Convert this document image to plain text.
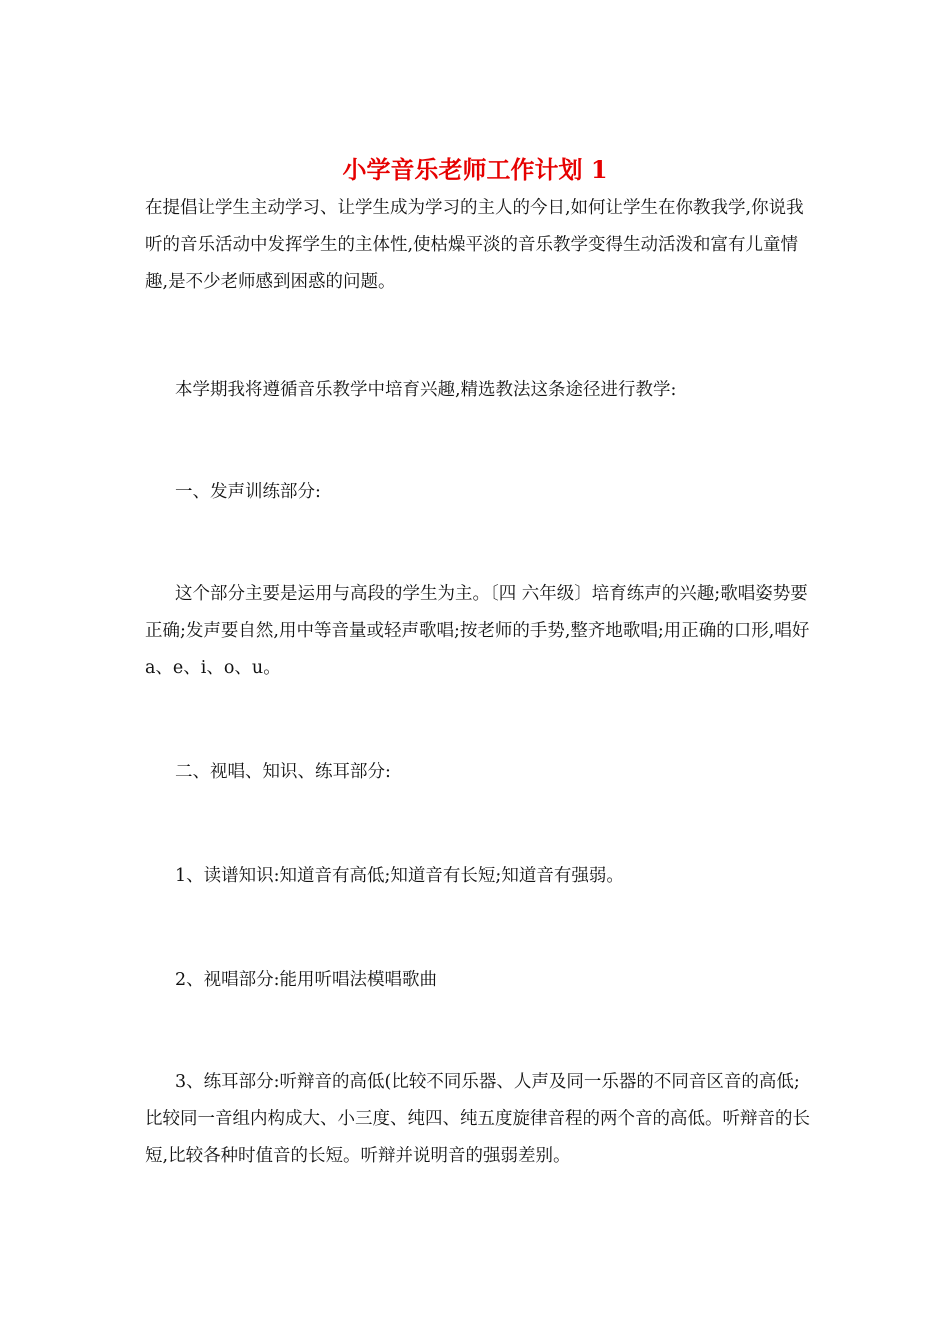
小学音乐老师工作计划 1

在提倡让学生主动学习、让学生成为学习的主人的今日,如何让学生在你教我学,你说我听的音乐活动中发挥学生的主体性,使枯燥平淡的音乐教学变得生动活泼和富有儿童情趣,是不少老师感到困惑的问题。

本学期我将遵循音乐教学中培育兴趣,精选教法这条途径进行教学:

一、发声训练部分:

这个部分主要是运用与高段的学生为主。〔四 六年级〕培育练声的兴趣;歌唱姿势要正确;发声要自然,用中等音量或轻声歌唱;按老师的手势,整齐地歌唱;用正确的口形,唱好 a、e、i、o、u。

二、视唱、知识、练耳部分:

1、读谱知识:知道音有高低;知道音有长短;知道音有强弱。

2、视唱部分:能用听唱法模唱歌曲

3、练耳部分:听辩音的高低(比较不同乐器、人声及同一乐器的不同音区音的高低;比较同一音组内构成大、小三度、纯四、纯五度旋律音程的两个音的高低。听辩音的长短,比较各种时值音的长短。听辩并说明音的强弱差别。
